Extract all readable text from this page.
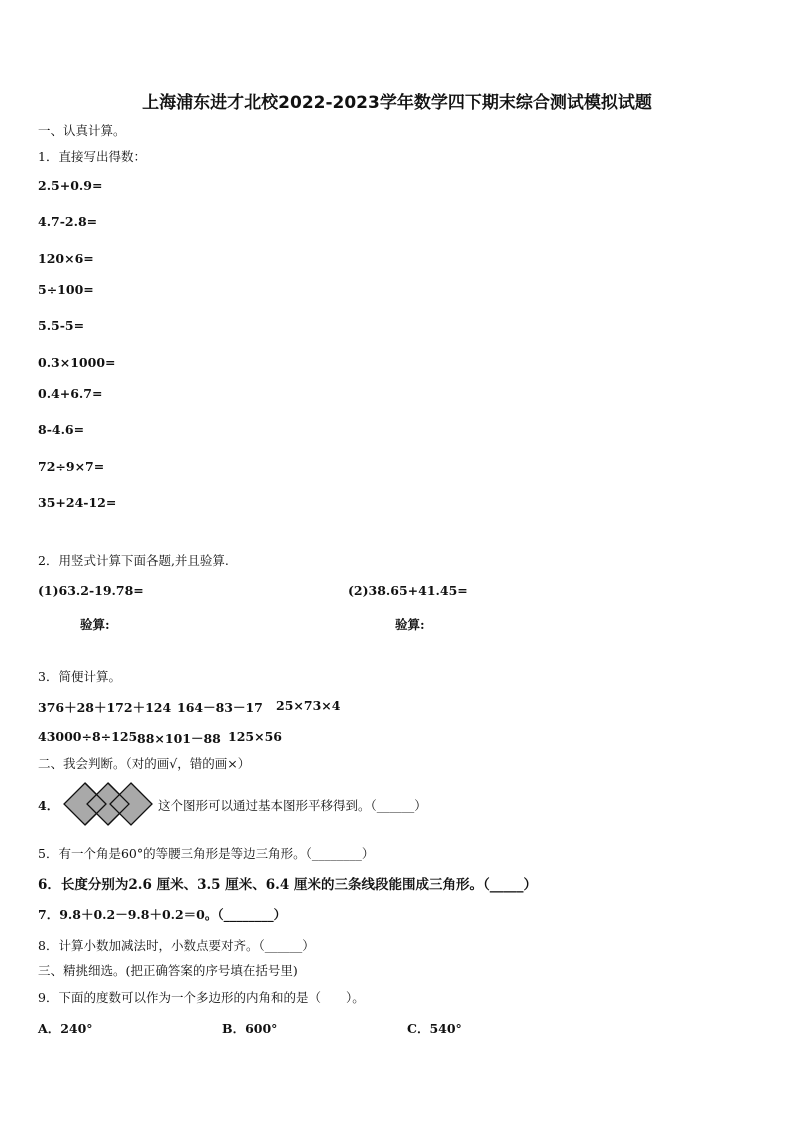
上海浦东进才北校2022-2023学年数学四下期末综合测试模拟试题
一、认真计算。
1．直接写出得数：
2.5+0.9=
4.7-2.8=
120×6=
5÷100=
5.5-5=
0.3×1000=
0.4+6.7=
8-4.6=
72÷9×7=
35+24-12=
2．用竖式计算下面各题,并且验算.
(1)63.2-19.78=	(2)38.65+41.45=
验算:	验算:
3．简便计算。
376＋28＋172＋124 164－83－17 25×73×4
43000÷8÷125 88×101－88 125×56
二、我会判断。（对的画√，错的画×）
4．	这个图形可以通过基本图形平移得到。（______）
5．有一个角是60°的等腰三角形是等边三角形。（________）
6．长度分别为2.6 厘米、3.5 厘米、6.4 厘米的三条线段能围成三角形。（_____）
7．9.8＋0.2－9.8＋0.2＝0。（________）
8．计算小数加减法时，小数点要对齐。（______）
三、精挑细选。(把正确答案的序号填在括号里)
9．下面的度数可以作为一个多边形的内角和的是（　　）。
A．240°	B．600°	C．540°
